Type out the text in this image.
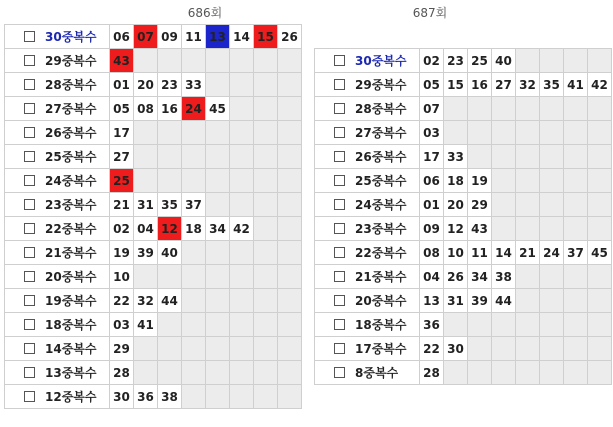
686회
30중복수	06	07	09	11	13	14	15	26

29중복수	43							

28중복수	01	20	23	33				

27중복수	05	08	16	24	45			

26중복수	17							

25중복수	27							

24중복수	25							

23중복수	21	31	35	37				

22중복수	02	04	12	18	34	42		

21중복수	19	39	40					

20중복수	10							

19중복수	22	32	44					

18중복수	03	41						

14중복수	29							

13중복수	28							

12중복수	30	36	38					
687회
30중복수	02	23	25	40				

29중복수	05	15	16	27	32	35	41	42

28중복수	07							

27중복수	03							

26중복수	17	33						

25중복수	06	18	19					

24중복수	01	20	29					

23중복수	09	12	43					

22중복수	08	10	11	14	21	24	37	45

21중복수	04	26	34	38				

20중복수	13	31	39	44				

18중복수	36							

17중복수	22	30						

8중복수	28							
